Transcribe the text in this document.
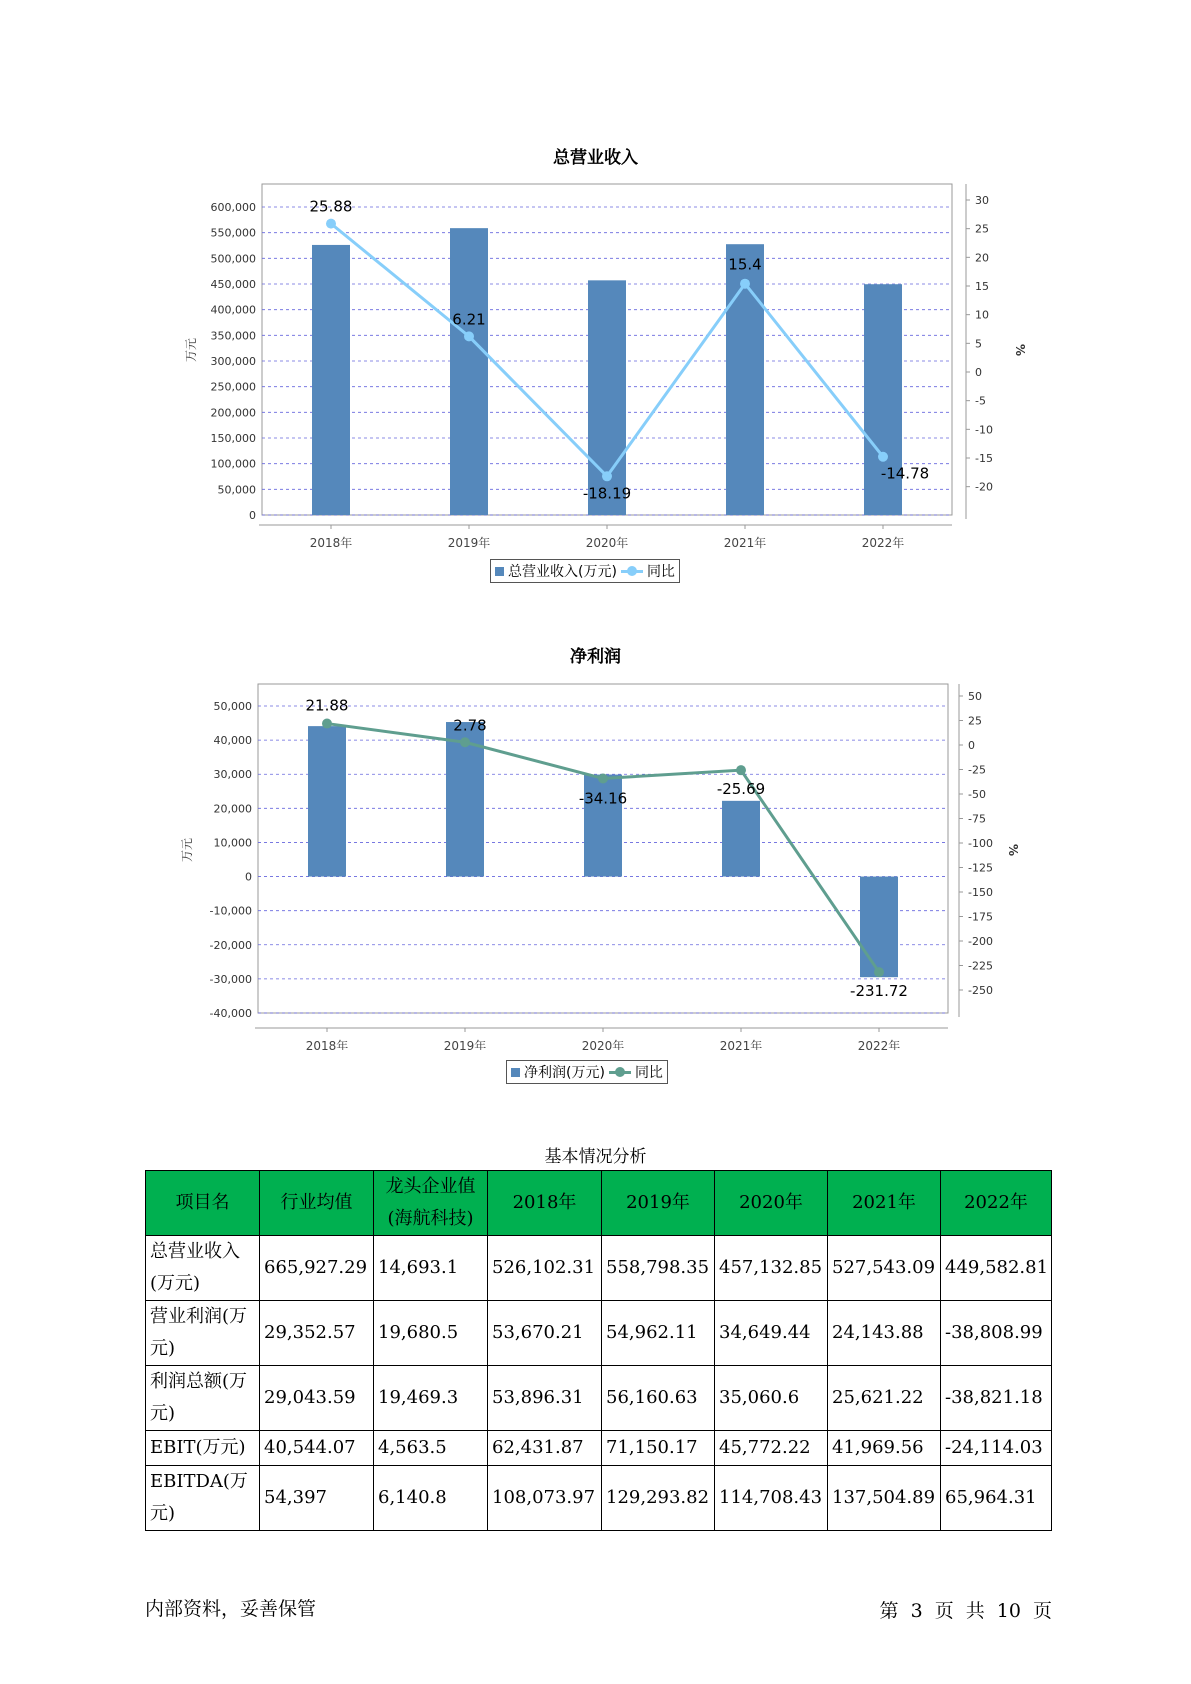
总营业收入
0
50,000
100,000
150,000
200,000
250,000
300,000
350,000
400,000
450,000
500,000
550,000
600,000
2018年	2019年	2020年	2021年	2022年
30
25
20
15
10
5
0
-5
-10
-15
-20
万元	%
25.88
6.21
-18.19
15.4
-14.78
总营业收入(万元) 同比
净利润
-40,000
-30,000
-20,000
-10,000
0
10,000
20,000
30,000
40,000
50,000
2018年	2019年	2020年	2021年	2022年
50
25
0
-25
-50
-75
-100
-125
-150
-175
-200
-225
-250
万元	%
21.88
2.78
-34.16
-25.69
-231.72
净利润(万元) 同比
基本情况分析
项目名	行业均值	龙头企业值(海航科技)	2018年	2019年	2020年	2021年	2022年
总营业收入(万元)	665,927.29	14,693.1	526,102.31	558,798.35	457,132.85	527,543.09	449,582.81
营业利润(万元)	29,352.57	19,680.5	53,670.21	54,962.11	34,649.44	24,143.88	-38,808.99
利润总额(万元)	29,043.59	19,469.3	53,896.31	56,160.63	35,060.6	25,621.22	-38,821.18
EBIT(万元)	40,544.07	4,563.5	62,431.87	71,150.17	45,772.22	41,969.56	-24,114.03
EBITDA(万元)	54,397	6,140.8	108,073.97	129,293.82	114,708.43	137,504.89	65,964.31
内部资料，妥善保管	第 3 页 共 10 页
